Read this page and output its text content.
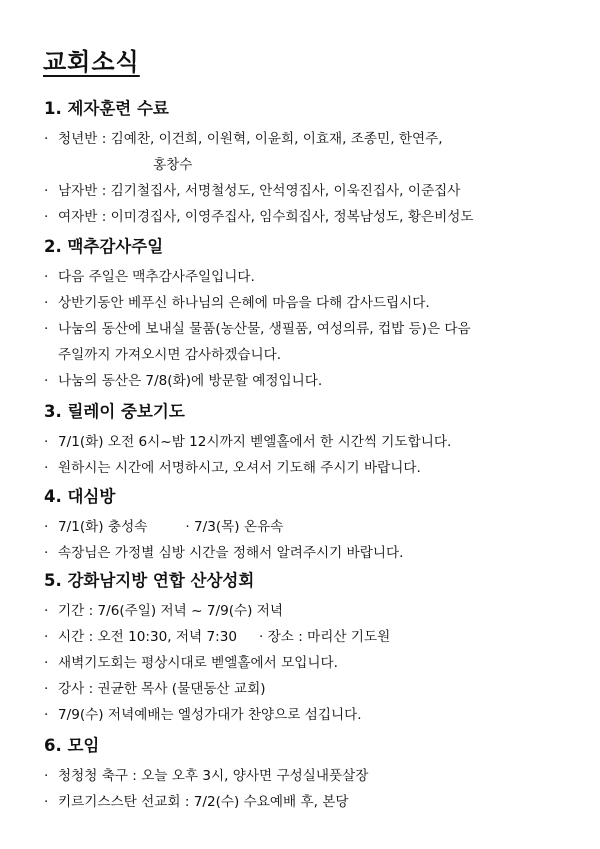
교회소식
1. 제자훈련 수료
· 청년반 : 김예찬, 이건희, 이원혁, 이윤희, 이효재, 조종민, 한연주,
홍창수
· 남자반 : 김기철집사, 서명철성도, 안석영집사, 이욱진집사, 이준집사
· 여자반 : 이미경집사, 이영주집사, 임수희집사, 정복남성도, 황은비성도
2. 맥추감사주일
· 다음 주일은 맥추감사주일입니다.
· 상반기동안 베푸신 하나님의 은혜에 마음을 다해 감사드립시다.
· 나눔의 동산에 보내실 물품(농산물, 생필품, 여성의류, 컵밥 등)은 다음
주일까지 가져오시면 감사하겠습니다.
· 나눔의 동산은 7/8(화)에 방문할 예정입니다.
3. 릴레이 중보기도
· 7/1(화) 오전 6시~밤 12시까지 벧엘홀에서 한 시간씩 기도합니다.
· 원하시는 시간에 서명하시고, 오셔서 기도해 주시기 바랍니다.
4. 대심방
· 7/1(화) 충성속	· 7/3(목) 온유속
· 속장님은 가정별 심방 시간을 정해서 알려주시기 바랍니다.
5. 강화남지방 연합 산상성회
· 기간 : 7/6(주일) 저녁 ~ 7/9(수) 저녁
· 시간 : 오전 10:30, 저녁 7:30 · 장소 : 마리산 기도원
· 새벽기도회는 평상시대로 벧엘홀에서 모입니다.
· 강사 : 권균한 목사 (물댄동산 교회)
· 7/9(수) 저녁예배는 엘성가대가 찬양으로 섬깁니다.
6. 모임
· 청청청 축구 : 오늘 오후 3시, 양사면 구성실내풋살장
· 키르기스스탄 선교회 : 7/2(수) 수요예배 후, 본당
